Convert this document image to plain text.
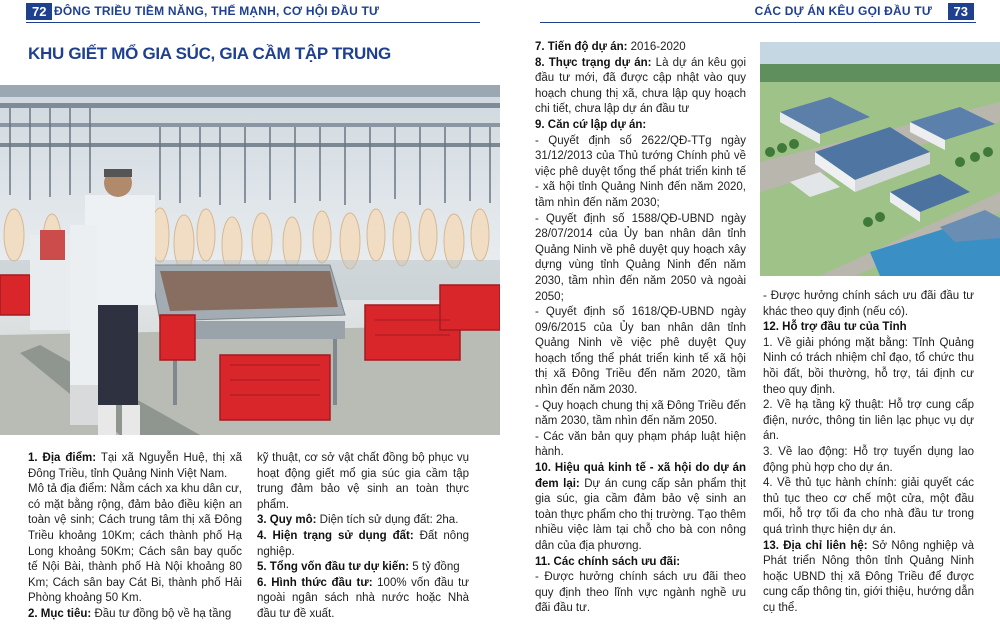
72 ĐÔNG TRIỀU TIỀM NĂNG, THẾ MẠNH, CƠ HỘI ĐẦU TƯ	CÁC DỰ ÁN KÊU GỌI ĐẦU TƯ	73
KHU GIẾT MỔ GIA SÚC, GIA CẦM TẬP TRUNG

1. Địa điểm: Tại xã Nguyễn Huệ, thị xã Đông Triều, tỉnh Quảng Ninh Việt Nam.

Mô tả địa điểm: Nằm cách xa khu dân cư, có mặt bằng rộng, đảm bảo điều kiện an toàn vệ sinh; Cách trung tâm thị xã Đông Triều khoảng 10Km; cách thành phố Hạ Long khoảng 50Km; Cách sân bay quốc tế Nội Bài, thành phố Hà Nội khoảng 80 Km; Cách sân bay Cát Bi, thành phố Hải Phòng khoảng 50 Km.

2. Mục tiêu: Đầu tư đồng bộ về hạ tầng

kỹ thuật, cơ sở vật chất đồng bộ phục vụ hoạt động giết mổ gia súc gia cầm tập trung đảm bảo vệ sinh an toàn thực phẩm.

3. Quy mô: Diện tích sử dụng đất: 2ha.

4. Hiện trạng sử dụng đất: Đất nông nghiệp.

5. Tổng vốn đầu tư dự kiến: 5 tỷ đồng

6. Hình thức đầu tư: 100% vốn đầu tư ngoài ngân sách nhà nước hoặc Nhà đầu tư đề xuất.

7. Tiến độ dự án: 2016-2020

8. Thực trạng dự án: Là dự án kêu gọi đầu tư mới, đã được cập nhật vào quy hoạch chung thị xã, chưa lập quy hoạch chi tiết, chưa lập dự án đầu tư

9. Căn cứ lập dự án:

- Quyết định số 2622/QĐ-TTg ngày 31/12/2013 của Thủ tướng Chính phủ về việc phê duyệt tổng thể phát triển kinh tế - xã hội tỉnh Quảng Ninh đến năm 2020, tầm nhìn đến năm 2030;

- Quyết định số 1588/QĐ-UBND ngày 28/07/2014 của Ủy ban nhân dân tỉnh Quảng Ninh về phê duyệt quy hoạch xây dựng vùng tỉnh Quảng Ninh đến năm 2030, tầm nhìn đến năm 2050 và ngoài 2050;

- Quyết định số 1618/QĐ-UBND ngày 09/6/2015 của Ủy ban nhân dân tỉnh Quảng Ninh về việc phê duyệt Quy hoạch tổng thể phát triển kinh tế xã hội thị xã Đông Triều đến năm 2020, tầm nhìn đến năm 2030.

- Quy hoạch chung thị xã Đông Triều đến năm 2030, tầm nhìn đến năm 2050.

- Các văn bản quy phạm pháp luật hiện hành.

10. Hiệu quả kinh tế - xã hội do dự án đem lại: Dự án cung cấp sản phẩm thịt gia súc, gia cầm đảm bảo vệ sinh an toàn thực phẩm cho thị trường. Tạo thêm nhiều việc làm tại chỗ cho bà con nông dân của địa phương.

11. Các chính sách ưu đãi:

- Được hưởng chính sách ưu đãi theo quy định theo lĩnh vực ngành nghề ưu đãi đầu tư.

- Được hưởng chính sách ưu đãi đầu tư khác theo quy định (nếu có).

12. Hỗ trợ đầu tư của Tỉnh

1. Về giải phóng mặt bằng: Tỉnh Quảng Ninh có trách nhiệm chỉ đạo, tổ chức thu hồi đất, bồi thường, hỗ trợ, tái định cư theo quy định.

2. Về hạ tầng kỹ thuật: Hỗ trợ cung cấp điện, nước, thông tin liên lạc phục vụ dự án.

3. Về lao động: Hỗ trợ tuyển dụng lao động phù hợp cho dự án.

4. Về thủ tục hành chính: giải quyết các thủ tục theo cơ chế một cửa, một đầu mối, hỗ trợ tối đa cho nhà đầu tư trong quá trình thực hiện dự án.

13. Địa chỉ liên hệ: Sở Nông nghiệp và Phát triển Nông thôn tỉnh Quảng Ninh hoặc UBND thị xã Đông Triều để được cung cấp thông tin, giới thiệu, hướng dẫn cụ thể.
